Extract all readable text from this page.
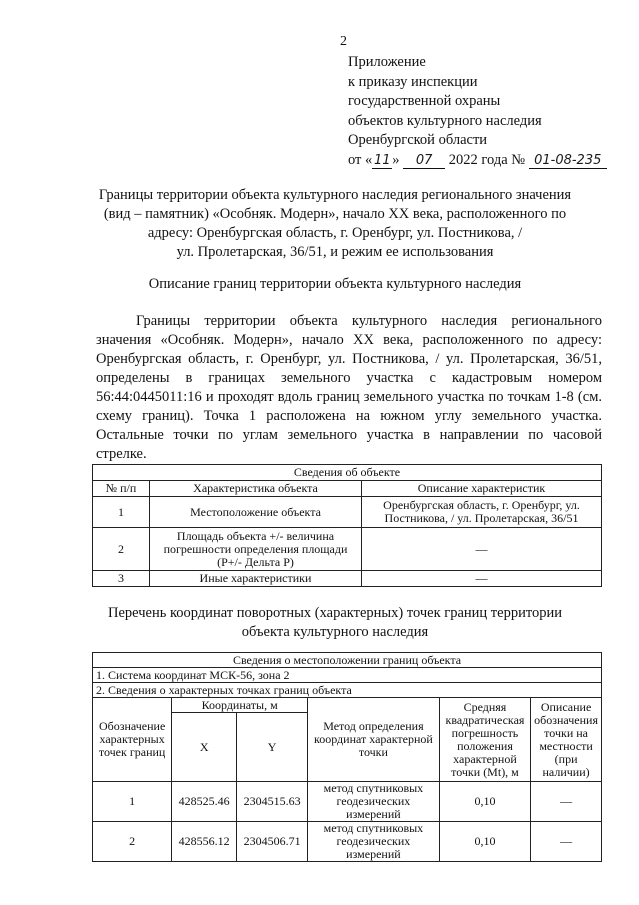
2
Приложение
к приказу инспекции
государственной охраны
объектов культурного наследия
Оренбургской области
от « 11 » 07 2022 года № 01-08-235
Границы территории объекта культурного наследия регионального значения
(вид – памятник) «Особняк. Модерн», начало XX века, расположенного по
адресу: Оренбургская область, г. Оренбург, ул. Постникова, /
ул. Пролетарская, 36/51, и режим ее использования
Описание границ территории объекта культурного наследия

Границы территории объекта культурного наследия регионального значения «Особняк. Модерн», начало XX века, расположенного по адресу: Оренбургская область, г. Оренбург, ул. Постникова, / ул. Пролетарская, 36/51, определены в границах земельного участка с кадастровым номером 56:44:0445011:16 и проходят вдоль границ земельного участка по точкам 1-8 (см. схему границ). Точка 1 расположена на южном углу земельного участка. Остальные точки по углам земельного участка в направлении по часовой стрелке.

Сведения об объекте		
№ п/п	Характеристика объекта	Описание характеристик
1	Местоположение объекта	Оренбургская область, г. Оренбург, ул. Постникова, / ул. Пролетарская, 36/51
2	Площадь объекта +/- величина погрешности определения площади (Р+/- Дельта Р)	—
3	Иные характеристики	—
Перечень координат поворотных (характерных) точек границ территории
объекта культурного наследия
Сведения о местоположении границ объекта					
1. Система координат МСК-56, зона 2					
2. Сведения о характерных точках границ объекта					
Обозначение характерных точек границ	Координаты, м		Метод определения координат характерной точки	Средняя квадратическая погрешность положения характерной точки (Mt), м	Описание обозначения точки на местности (при наличии)
	X	Y			
1	428525.46	2304515.63	метод спутниковых геодезических измерений	0,10	—
2	428556.12	2304506.71	метод спутниковых геодезических измерений	0,10	—
